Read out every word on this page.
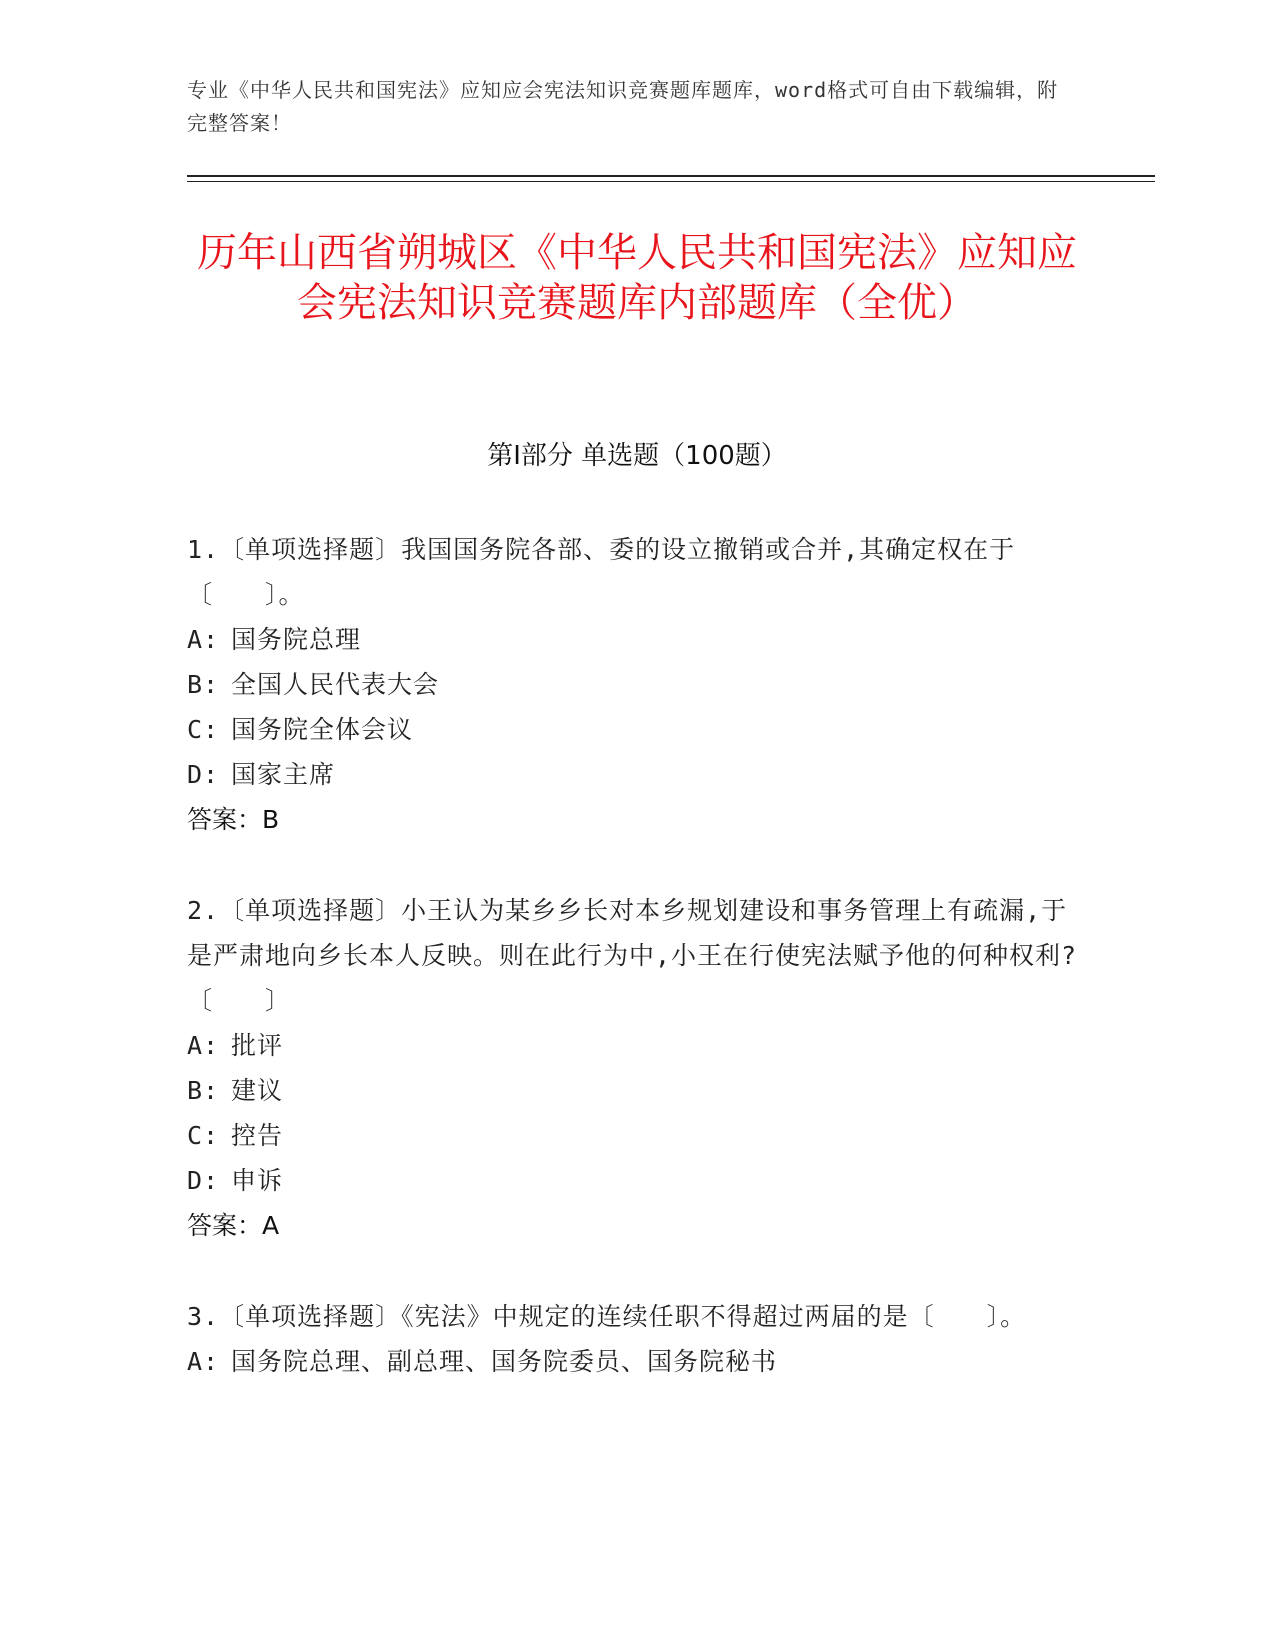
专业《中华人民共和国宪法》应知应会宪法知识竞赛题库题库，word格式可自由下载编辑，附完整答案！
历年山西省朔城区《中华人民共和国宪法》应知应会宪法知识竞赛题库内部题库（全优）
第Ⅰ部分 单选题（100题）

1.〔单项选择题〕我国国务院各部、委的设立撤销或合并,其确定权在于〔　　〕。

A: 国务院总理

B: 全国人民代表大会

C: 国务院全体会议

D: 国家主席

答案：B

2.〔单项选择题〕小王认为某乡乡长对本乡规划建设和事务管理上有疏漏,于是严肃地向乡长本人反映。则在此行为中,小王在行使宪法赋予他的何种权利?〔　　〕

A: 批评

B: 建议

C: 控告

D: 申诉

答案：A

3.〔单项选择题〕《宪法》中规定的连续任职不得超过两届的是〔　　〕。

A: 国务院总理、副总理、国务院委员、国务院秘书
